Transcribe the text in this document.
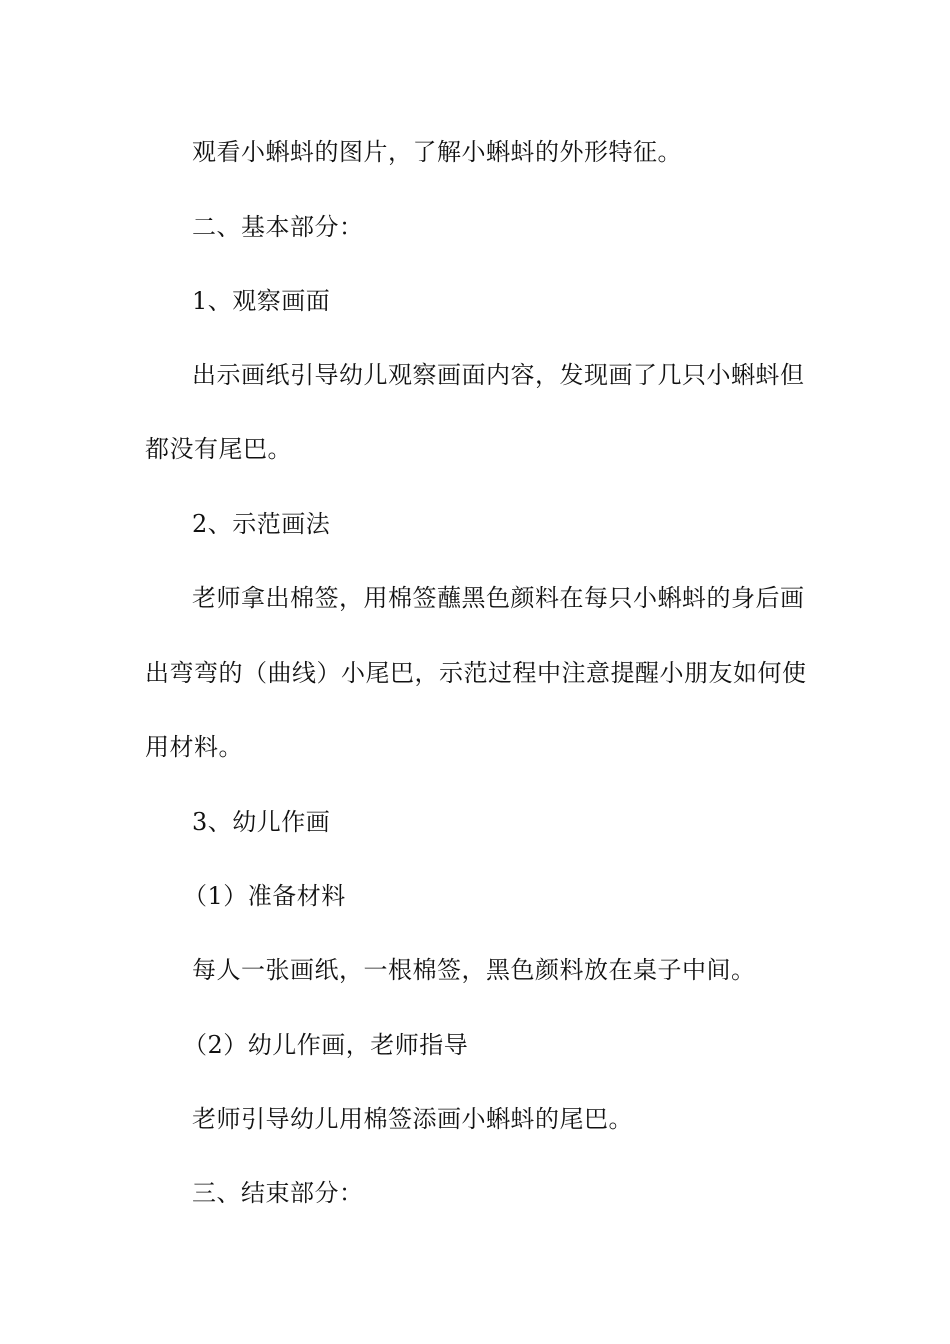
观看小蝌蚪的图片，了解小蝌蚪的外形特征。
二、基本部分：
1、观察画面
出示画纸引导幼儿观察画面内容，发现画了几只小蝌蚪但
都没有尾巴。
2、示范画法
老师拿出棉签，用棉签蘸黑色颜料在每只小蝌蚪的身后画
出弯弯的（曲线）小尾巴，示范过程中注意提醒小朋友如何使
用材料。
3、幼儿作画
（1）准备材料
每人一张画纸，一根棉签，黑色颜料放在桌子中间。
（2）幼儿作画，老师指导
老师引导幼儿用棉签添画小蝌蚪的尾巴。
三、结束部分：
